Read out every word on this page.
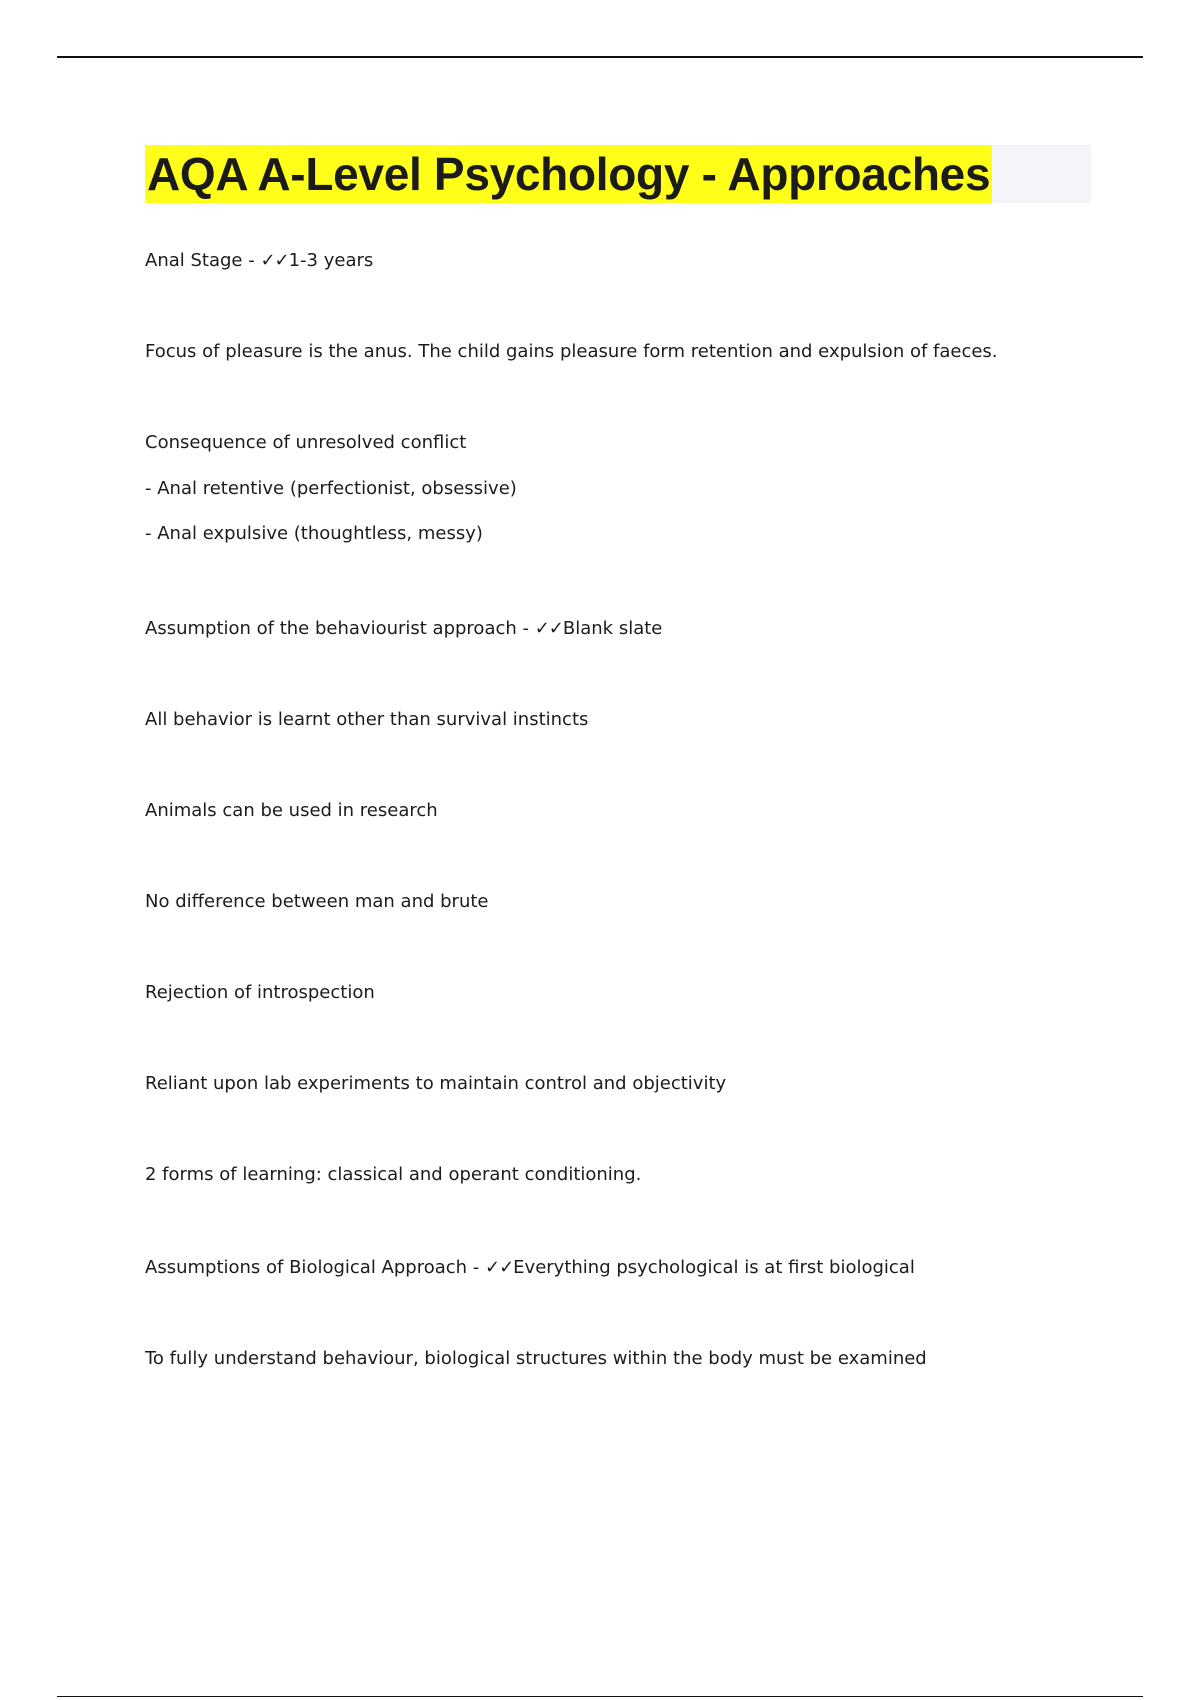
AQA A-Level Psychology - Approaches

Anal Stage - ✓✓1-3 years

Focus of pleasure is the anus. The child gains pleasure form retention and expulsion of faeces.

Consequence of unresolved conflict

- Anal retentive (perfectionist, obsessive)

- Anal expulsive (thoughtless, messy)

Assumption of the behaviourist approach - ✓✓Blank slate

All behavior is learnt other than survival instincts

Animals can be used in research

No difference between man and brute

Rejection of introspection

Reliant upon lab experiments to maintain control and objectivity

2 forms of learning: classical and operant conditioning.

Assumptions of Biological Approach - ✓✓Everything psychological is at first biological

To fully understand behaviour, biological structures within the body must be examined
